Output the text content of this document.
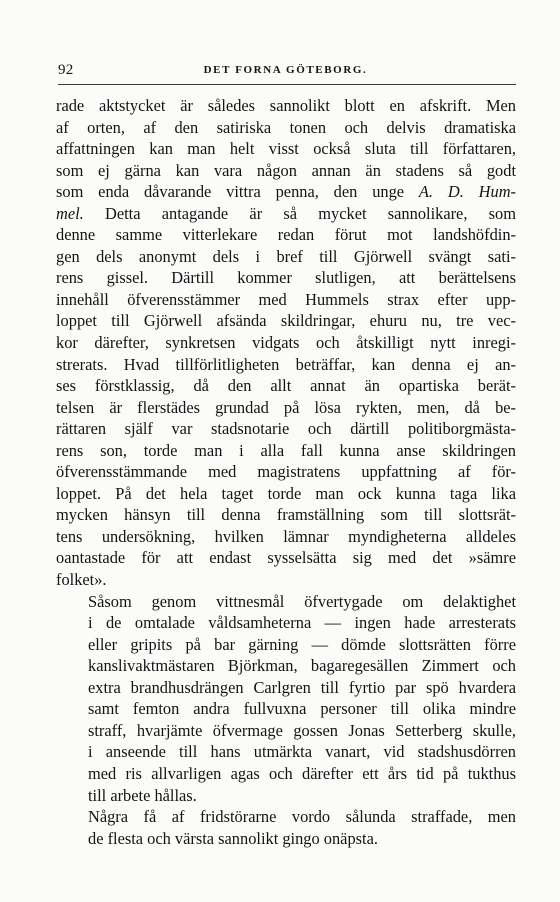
92	DET FORNA GÖTEBORG.

rade aktstycket är således sannolikt blott en afskrift. Men
af orten, af den satiriska tonen och delvis dramatiska
affattningen kan man helt visst också sluta till författaren,
som ej gärna kan vara någon annan än stadens så godt
som enda dåvarande vittra penna, den unge A. D. Hum-
mel. Detta antagande är så mycket sannolikare, som
denne samme vitterlekare redan förut mot landshöfdin-
gen dels anonymt dels i bref till Gjörwell svängt sati-
rens gissel. Därtill kommer slutligen, att berättelsens
innehåll öfverensstämmer med Hummels strax efter upp-
loppet till Gjörwell afsända skildringar, ehuru nu, tre vec-
kor därefter, synkretsen vidgats och åtskilligt nytt inregi-
strerats. Hvad tillförlitligheten beträffar, kan denna ej an-
ses förstklassig, då den allt annat än opartiska berät-
telsen är flerstädes grundad på lösa rykten, men, då be-
rättaren själf var stadsnotarie och därtill politiborgmästa-
rens son, torde man i alla fall kunna anse skildringen
öfverensstämmande med magistratens uppfattning af för-
loppet. På det hela taget torde man ock kunna taga lika
mycken hänsyn till denna framställning som till slottsrät-
tens undersökning, hvilken lämnar myndigheterna alldeles
oantastade för att endast sysselsätta sig med det »sämre
folket».

Såsom genom vittnesmål öfvertygade om delaktighet
i de omtalade våldsamheterna — ingen hade arresterats
eller gripits på bar gärning — dömde slottsrätten förre
kanslivaktmästaren Björkman, bagaregesällen Zimmert och
extra brandhusdrängen Carlgren till fyrtio par spö hvardera
samt femton andra fullvuxna personer till olika mindre
straff, hvarjämte öfvermage gossen Jonas Setterberg skulle,
i anseende till hans utmärkta vanart, vid stadshusdörren
med ris allvarligen agas och därefter ett års tid på tukthus
till arbete hållas.

Några få af fridstörarne vordo sålunda straffade, men
de flesta och värsta sannolikt gingo onäpsta.
